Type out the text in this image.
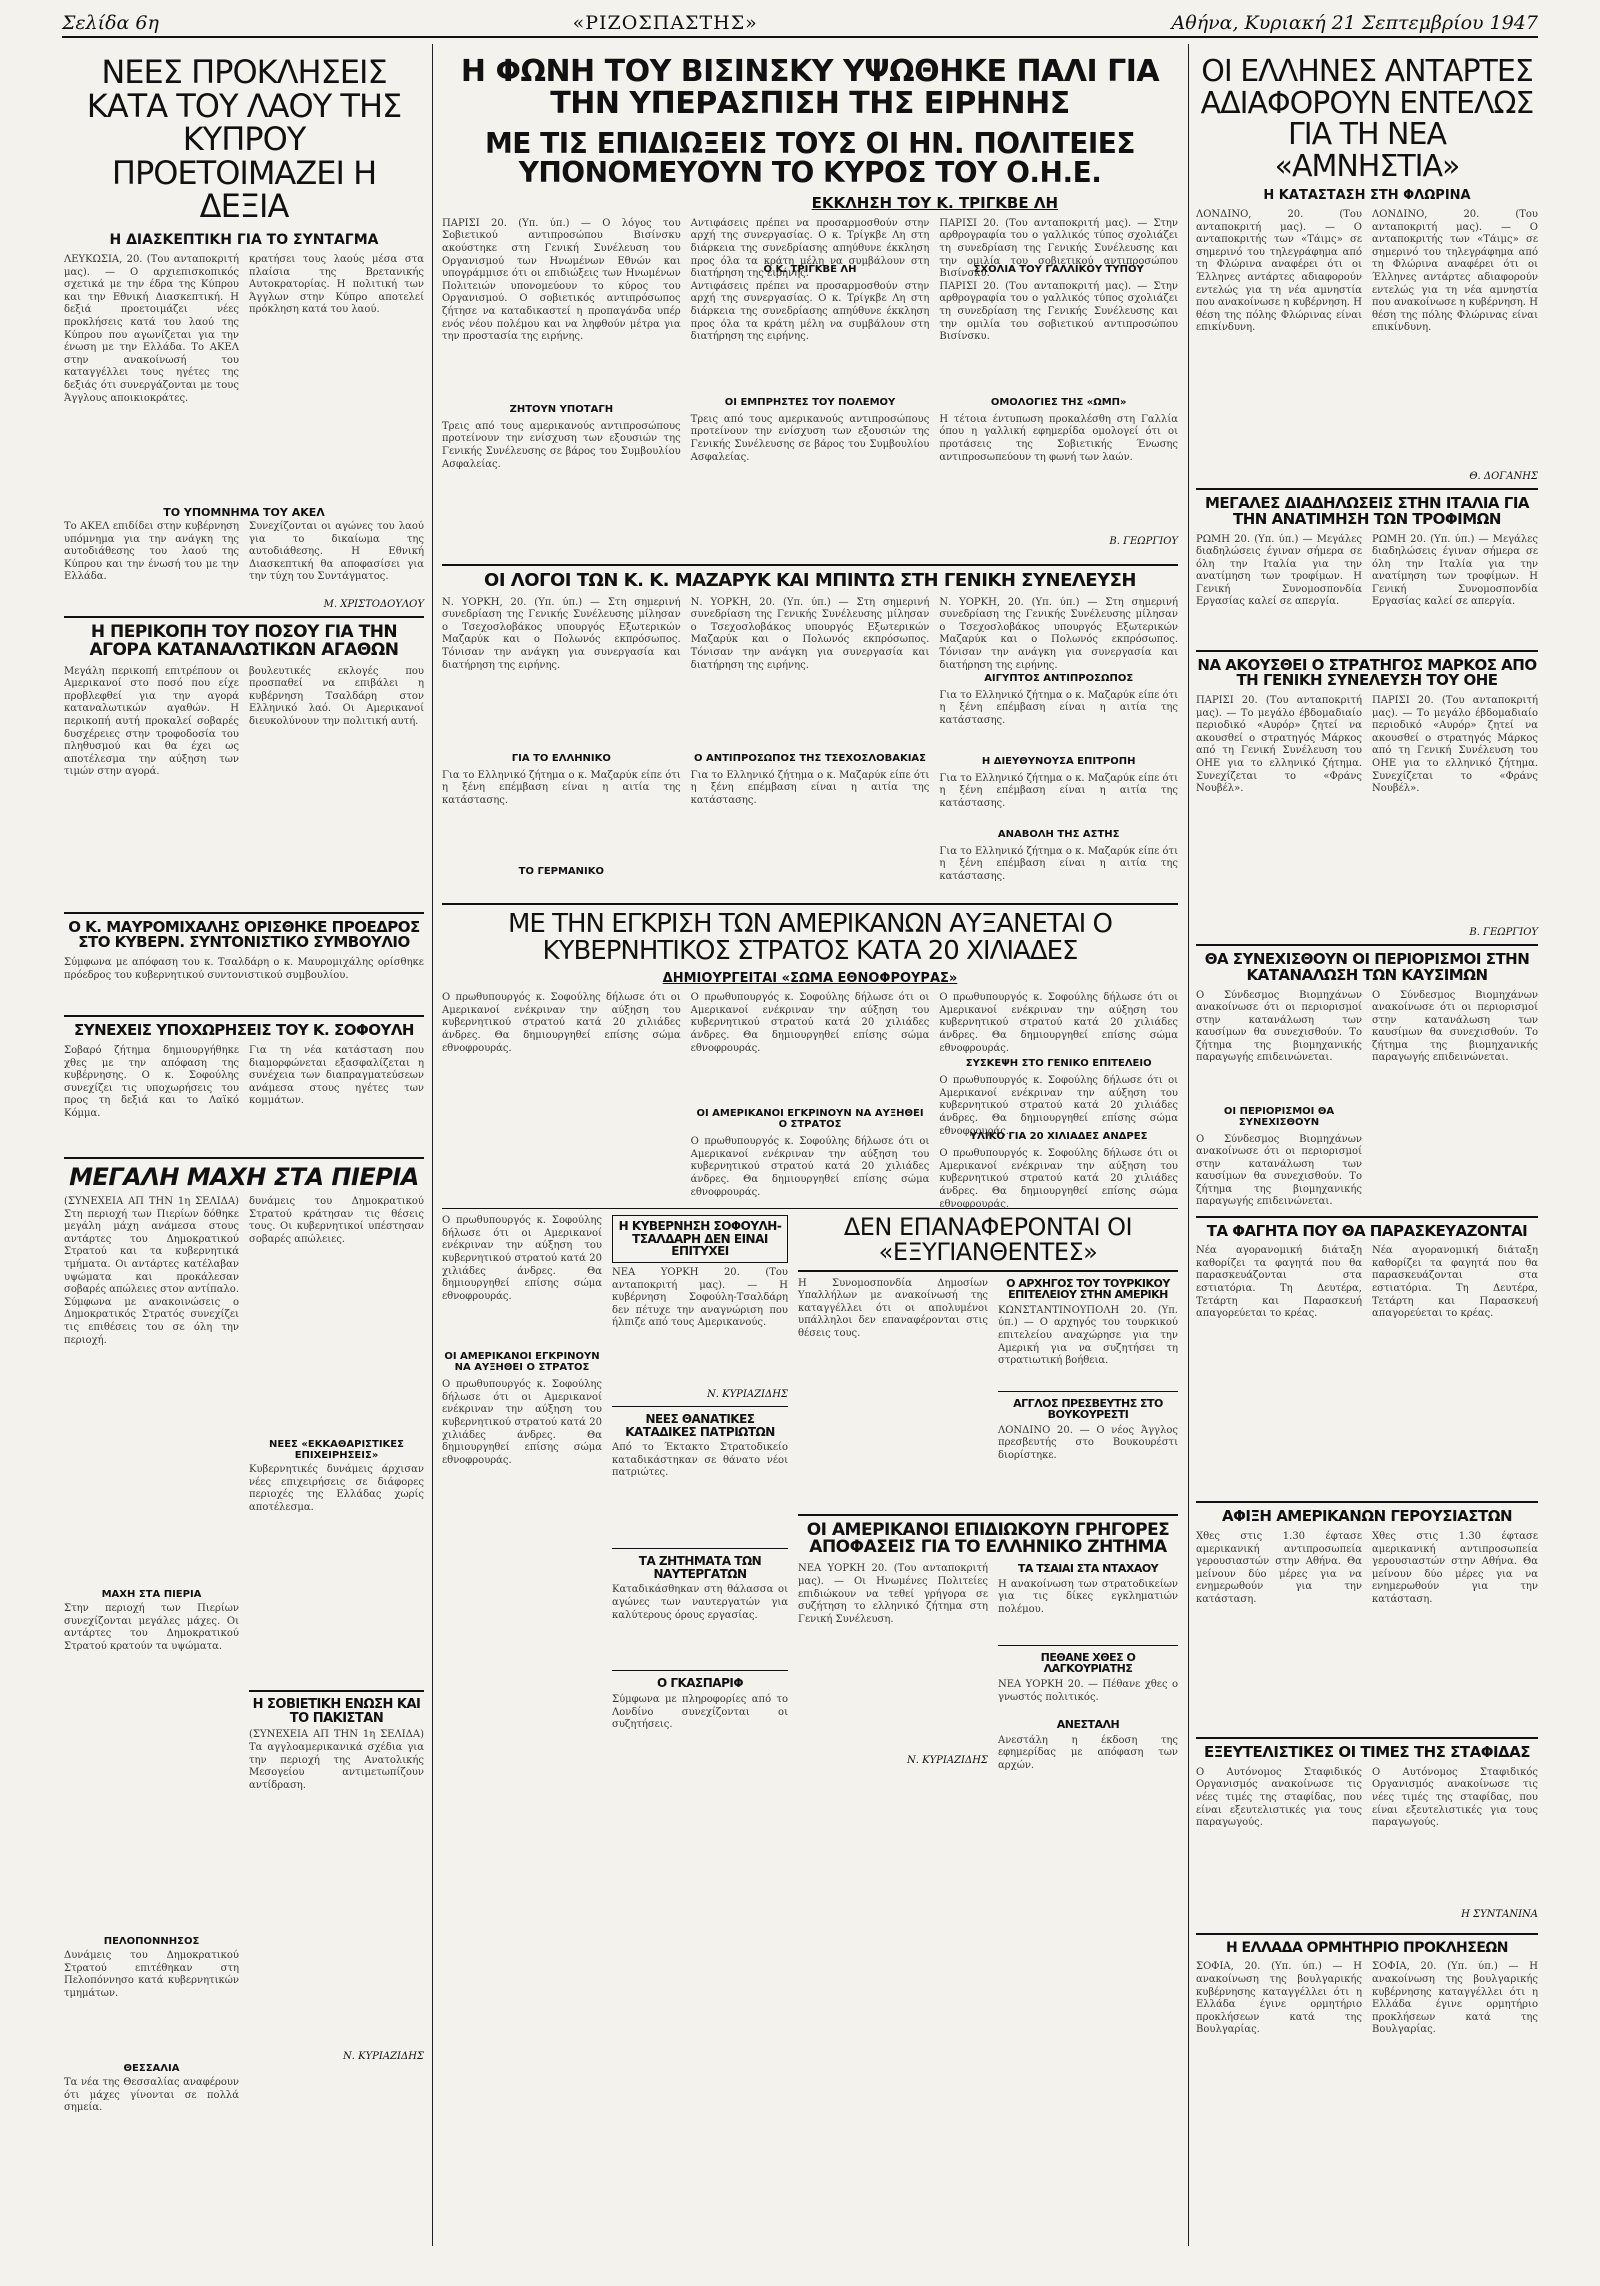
Σελίδα 6η	«ΡΙΖΟΣΠΑΣΤΗΣ»	Αθήνα, Κυριακή 21 Σεπτεμβρίου 1947
ΝΕΕΣ ΠΡΟΚΛΗΣΕΙΣ ΚΑΤΑ ΤΟΥ ΛΑΟΥ ΤΗΣ ΚΥΠΡΟΥ ΠΡΟΕΤΟΙΜΑΖΕΙ Η ΔΕΞΙΑ
Η ΔΙΑΣΚΕΠΤΙΚΗ ΓΙΑ ΤΟ ΣΥΝΤΑΓΜΑ

ΛΕΥΚΩΣΙΑ, 20. (Του ανταποκριτή μας). — Ο αρχιεπισκοπικός σχετικά με την έδρα της Κύπρου και την Εθνική Διασκεπτική. Η δεξιά προετοιμάζει νέες προκλήσεις κατά του λαού της Κύπρου που αγωνίζεται για την ένωση με την Ελλάδα. Το ΑΚΕΛ στην ανακοίνωσή του καταγγέλλει τους ηγέτες της δεξιάς ότι συνεργάζονται με τους Άγγλους αποικιοκράτες.

κρατήσει τους λαούς μέσα στα πλαίσια της Βρετανικής Αυτοκρατορίας. Η πολιτική των Άγγλων στην Κύπρο αποτελεί πρόκληση κατά του λαού.

ΤΟ ΥΠΟΜΝΗΜΑ ΤΟΥ ΑΚΕΛ

Το ΑΚΕΛ επιδίδει στην κυβέρνηση υπόμνημα για την ανάγκη της αυτοδιάθεσης του λαού της Κύπρου και την ένωσή του με την Ελλάδα.

Συνεχίζονται οι αγώνες του λαού για το δικαίωμα της αυτοδιάθεσης. Η Εθνική Διασκεπτική θα αποφασίσει για την τύχη του Συντάγματος.

Μ. ΧΡΙΣΤΟΔΟΥΛΟΥ
Η ΠΕΡΙΚΟΠΗ ΤΟΥ ΠΟΣΟΥ ΓΙΑ ΤΗΝ ΑΓΟΡΑ ΚΑΤΑΝΑΛΩΤΙΚΩΝ ΑΓΑΘΩΝ

Μεγάλη περικοπή επιτρέπουν οι Αμερικανοί στο ποσό που είχε προβλεφθεί για την αγορά καταναλωτικών αγαθών. Η περικοπή αυτή προκαλεί σοβαρές δυσχέρειες στην τροφοδοσία του πληθυσμού και θα έχει ως αποτέλεσμα την αύξηση των τιμών στην αγορά.

βουλευτικές εκλογές που προσπαθεί να επιβάλει η κυβέρνηση Τσαλδάρη στον Ελληνικό λαό. Οι Αμερικανοί διευκολύνουν την πολιτική αυτή.

Ο Κ. ΜΑΥΡΟΜΙΧΑΛΗΣ ΟΡΙΣΘΗΚΕ ΠΡΟΕΔΡΟΣ ΣΤΟ ΚΥΒΕΡΝ. ΣΥΝΤΟΝΙΣΤΙΚΟ ΣΥΜΒΟΥΛΙΟ

Σύμφωνα με απόφαση του κ. Τσαλδάρη ο κ. Μαυρομιχάλης ορίσθηκε πρόεδρος του κυβερνητικού συντονιστικού συμβουλίου.

ΣΥΝΕΧΕΙΣ ΥΠΟΧΩΡΗΣΕΙΣ ΤΟΥ Κ. ΣΟΦΟΥΛΗ

Σοβαρό ζήτημα δημιουργήθηκε χθες με την απόφαση της κυβέρνησης. Ο κ. Σοφούλης συνεχίζει τις υποχωρήσεις του προς τη δεξιά και το Λαϊκό Κόμμα.

Για τη νέα κατάσταση που διαμορφώνεται εξασφαλίζεται η συνέχεια των διαπραγματεύσεων ανάμεσα στους ηγέτες των κομμάτων.

ΜΕΓΑΛΗ ΜΑΧΗ ΣΤΑ ΠΙΕΡΙΑ

(ΣΥΝΕΧΕΙΑ ΑΠ ΤΗΝ 1η ΣΕΛΙΔΑ) Στη περιοχή των Πιερίων δόθηκε μεγάλη μάχη ανάμεσα στους αντάρτες του Δημοκρατικού Στρατού και τα κυβερνητικά τμήματα. Οι αντάρτες κατέλαβαν υψώματα και προκάλεσαν σοβαρές απώλειες στον αντίπαλο. Σύμφωνα με ανακοινώσεις ο Δημοκρατικός Στρατός συνεχίζει τις επιθέσεις του σε όλη την περιοχή.

ΜΑΧΗ ΣΤΑ ΠΙΕΡΙΑ

Στην περιοχή των Πιερίων συνεχίζονται μεγάλες μάχες. Οι αντάρτες του Δημοκρατικού Στρατού κρατούν τα υψώματα.

ΠΕΛΟΠΟΝΝΗΣΟΣ

Δυνάμεις του Δημοκρατικού Στρατού επιτέθηκαν στη Πελοπόννησο κατά κυβερνητικών τμημάτων.

ΘΕΣΣΑΛΙΑ

Τα νέα της Θεσσαλίας αναφέρουν ότι μάχες γίνονται σε πολλά σημεία.

δυνάμεις του Δημοκρατικού Στρατού κράτησαν τις θέσεις τους. Οι κυβερνητικοί υπέστησαν σοβαρές απώλειες.

ΝΕΕΣ «ΕΚΚΑΘΑΡΙΣΤΙΚΕΣ ΕΠΙΧΕΙΡΗΣΕΙΣ»

Κυβερνητικές δυνάμεις άρχισαν νέες επιχειρήσεις σε διάφορες περιοχές της Ελλάδας χωρίς αποτέλεσμα.

Η ΣΟΒΙΕΤΙΚΗ ΕΝΩΣΗ ΚΑΙ ΤΟ ΠΑΚΙΣΤΑΝ

(ΣΥΝΕΧΕΙΑ ΑΠ ΤΗΝ 1η ΣΕΛΙΔΑ) Τα αγγλοαμερικανικά σχέδια για την περιοχή της Ανατολικής Μεσογείου αντιμετωπίζουν αντίδραση.

Ν. ΚΥΡΙΑΖΙΔΗΣ
Η ΦΩΝΗ ΤΟΥ ΒΙΣΙΝΣΚΥ ΥΨΩΘΗΚΕ ΠΑΛΙ ΓΙΑ ΤΗΝ ΥΠΕΡΑΣΠΙΣΗ ΤΗΣ ΕΙΡΗΝΗΣ
ΜΕ ΤΙΣ ΕΠΙΔΙΩΞΕΙΣ ΤΟΥΣ ΟΙ ΗΝ. ΠΟΛΙΤΕΙΕΣ ΥΠΟΝΟΜΕΥΟΥΝ ΤΟ ΚΥΡΟΣ ΤΟΥ Ο.Η.Ε.
ΕΚΚΛΗΣΗ ΤΟΥ Κ. ΤΡΙΓΚΒΕ ΛΗ

ΠΑΡΙΣΙ 20. (Υπ. ύπ.) — Ο λόγος του Σοβιετικού αντιπροσώπου Βισίνσκυ ακούστηκε στη Γενική Συνέλευση του Οργανισμού των Ηνωμένων Εθνών και υπογράμμισε ότι οι επιδιώξεις των Ηνωμένων Πολιτειών υπονομεύουν το κύρος του Οργανισμού. Ο σοβιετικός αντιπρόσωπος ζήτησε να καταδικαστεί η προπαγάνδα υπέρ ενός νέου πολέμου και να ληφθούν μέτρα για την προστασία της ειρήνης.

ΖΗΤΟΥΝ ΥΠΟΤΑΓΗ

Τρεις από τους αμερικανούς αντιπροσώπους προτείνουν την ενίσχυση των εξουσιών της Γενικής Συνέλευσης σε βάρος του Συμβουλίου Ασφαλείας.

Αντιφάσεις πρέπει να προσαρμοσθούν στην αρχή της συνεργασίας. Ο κ. Τρίγκβε Λη στη διάρκεια της συνεδρίασης απηύθυνε έκκληση προς όλα τα κράτη μέλη να συμβάλουν στη διατήρηση της ειρήνης.

Ο Κ. ΤΡΙΓΚΒΕ ΛΗ

Αντιφάσεις πρέπει να προσαρμοσθούν στην αρχή της συνεργασίας. Ο κ. Τρίγκβε Λη στη διάρκεια της συνεδρίασης απηύθυνε έκκληση προς όλα τα κράτη μέλη να συμβάλουν στη διατήρηση της ειρήνης.

ΟΙ ΕΜΠΡΗΣΤΕΣ ΤΟΥ ΠΟΛΕΜΟΥ

Τρεις από τους αμερικανούς αντιπροσώπους προτείνουν την ενίσχυση των εξουσιών της Γενικής Συνέλευσης σε βάρος του Συμβουλίου Ασφαλείας.

ΠΑΡΙΣΙ 20. (Του ανταποκριτή μας). — Στην αρθρογραφία του ο γαλλικός τύπος σχολιάζει τη συνεδρίαση της Γενικής Συνέλευσης και την ομιλία του σοβιετικού αντιπροσώπου Βισίνσκυ.

ΣΧΟΛΙΑ ΤΟΥ ΓΑΛΛΙΚΟΥ ΤΥΠΟΥ

ΠΑΡΙΣΙ 20. (Του ανταποκριτή μας). — Στην αρθρογραφία του ο γαλλικός τύπος σχολιάζει τη συνεδρίαση της Γενικής Συνέλευσης και την ομιλία του σοβιετικού αντιπροσώπου Βισίνσκυ.

ΟΜΟΛΟΓΙΕΣ ΤΗΣ «ΩΜΠ»

Η τέτοια έντυπωση προκαλέσθη στη Γαλλία όπου η γαλλική εφημερίδα ομολογεί ότι οι προτάσεις της Σοβιετικής Ένωσης αντιπροσωπεύουν τη φωνή των λαών.

Β. ΓΕΩΡΓΙΟΥ
ΟΙ ΛΟΓΟΙ ΤΩΝ Κ. Κ. ΜΑΖΑΡΥΚ ΚΑΙ ΜΠΙΝΤΩ ΣΤΗ ΓΕΝΙΚΗ ΣΥΝΕΛΕΥΣΗ

Ν. ΥΟΡΚΗ, 20. (Υπ. ύπ.) — Στη σημερινή συνεδρίαση της Γενικής Συνέλευσης μίλησαν ο Τσεχοσλοβάκος υπουργός Εξωτερικών Μαζαρύκ και ο Πολωνός εκπρόσωπος. Τόνισαν την ανάγκη για συνεργασία και διατήρηση της ειρήνης.

ΓΙΑ ΤΟ ΕΛΛΗΝΙΚΟ

Για το Ελληνικό ζήτημα ο κ. Μαζαρύκ είπε ότι η ξένη επέμβαση είναι η αιτία της κατάστασης.

ΤΟ ΓΕΡΜΑΝΙΚΟ

Ν. ΥΟΡΚΗ, 20. (Υπ. ύπ.) — Στη σημερινή συνεδρίαση της Γενικής Συνέλευσης μίλησαν ο Τσεχοσλοβάκος υπουργός Εξωτερικών Μαζαρύκ και ο Πολωνός εκπρόσωπος. Τόνισαν την ανάγκη για συνεργασία και διατήρηση της ειρήνης.

Ο ΑΝΤΙΠΡΟΣΩΠΟΣ ΤΗΣ ΤΣΕΧΟΣΛΟΒΑΚΙΑΣ

Για το Ελληνικό ζήτημα ο κ. Μαζαρύκ είπε ότι η ξένη επέμβαση είναι η αιτία της κατάστασης.

Ν. ΥΟΡΚΗ, 20. (Υπ. ύπ.) — Στη σημερινή συνεδρίαση της Γενικής Συνέλευσης μίλησαν ο Τσεχοσλοβάκος υπουργός Εξωτερικών Μαζαρύκ και ο Πολωνός εκπρόσωπος. Τόνισαν την ανάγκη για συνεργασία και διατήρηση της ειρήνης.

ΑΙΓΥΠΤΟΣ ΑΝΤΙΠΡΟΣΩΠΟΣ

Για το Ελληνικό ζήτημα ο κ. Μαζαρύκ είπε ότι η ξένη επέμβαση είναι η αιτία της κατάστασης.

Η ΔΙΕΥΘΥΝΟΥΣΑ ΕΠΙΤΡΟΠΗ

Για το Ελληνικό ζήτημα ο κ. Μαζαρύκ είπε ότι η ξένη επέμβαση είναι η αιτία της κατάστασης.

ΑΝΑΒΟΛΗ ΤΗΣ ΑΣΤΗΣ

Για το Ελληνικό ζήτημα ο κ. Μαζαρύκ είπε ότι η ξένη επέμβαση είναι η αιτία της κατάστασης.

ΜΕ ΤΗΝ ΕΓΚΡΙΣΗ ΤΩΝ ΑΜΕΡΙΚΑΝΩΝ ΑΥΞΑΝΕΤΑΙ Ο ΚΥΒΕΡΝΗΤΙΚΟΣ ΣΤΡΑΤΟΣ ΚΑΤΑ 20 ΧΙΛΙΑΔΕΣ
ΔΗΜΙΟΥΡΓΕΙΤΑΙ «ΣΩΜΑ ΕΘΝΟΦΡΟΥΡΑΣ»

Ο πρωθυπουργός κ. Σοφούλης δήλωσε ότι οι Αμερικανοί ενέκριναν την αύξηση του κυβερνητικού στρατού κατά 20 χιλιάδες άνδρες. Θα δημιουργηθεί επίσης σώμα εθνοφρουράς.

Ο πρωθυπουργός κ. Σοφούλης δήλωσε ότι οι Αμερικανοί ενέκριναν την αύξηση του κυβερνητικού στρατού κατά 20 χιλιάδες άνδρες. Θα δημιουργηθεί επίσης σώμα εθνοφρουράς.

ΟΙ ΑΜΕΡΙΚΑΝΟΙ ΕΓΚΡΙΝΟΥΝ ΝΑ ΑΥΞΗΘΕΙ Ο ΣΤΡΑΤΟΣ

Ο πρωθυπουργός κ. Σοφούλης δήλωσε ότι οι Αμερικανοί ενέκριναν την αύξηση του κυβερνητικού στρατού κατά 20 χιλιάδες άνδρες. Θα δημιουργηθεί επίσης σώμα εθνοφρουράς.

Ο πρωθυπουργός κ. Σοφούλης δήλωσε ότι οι Αμερικανοί ενέκριναν την αύξηση του κυβερνητικού στρατού κατά 20 χιλιάδες άνδρες. Θα δημιουργηθεί επίσης σώμα εθνοφρουράς.

ΣΥΣΚΕΨΗ ΣΤΟ ΓΕΝΙΚΟ ΕΠΙΤΕΛΕΙΟ

Ο πρωθυπουργός κ. Σοφούλης δήλωσε ότι οι Αμερικανοί ενέκριναν την αύξηση του κυβερνητικού στρατού κατά 20 χιλιάδες άνδρες. Θα δημιουργηθεί επίσης σώμα εθνοφρουράς.

ΥΛΙΚΟ ΓΙΑ 20 ΧΙΛΙΑΔΕΣ ΑΝΔΡΕΣ

Ο πρωθυπουργός κ. Σοφούλης δήλωσε ότι οι Αμερικανοί ενέκριναν την αύξηση του κυβερνητικού στρατού κατά 20 χιλιάδες άνδρες. Θα δημιουργηθεί επίσης σώμα εθνοφρουράς.

Ο πρωθυπουργός κ. Σοφούλης δήλωσε ότι οι Αμερικανοί ενέκριναν την αύξηση του κυβερνητικού στρατού κατά 20 χιλιάδες άνδρες. Θα δημιουργηθεί επίσης σώμα εθνοφρουράς.

ΟΙ ΑΜΕΡΙΚΑΝΟΙ ΕΓΚΡΙΝΟΥΝ ΝΑ ΑΥΞΗΘΕΙ Ο ΣΤΡΑΤΟΣ

Ο πρωθυπουργός κ. Σοφούλης δήλωσε ότι οι Αμερικανοί ενέκριναν την αύξηση του κυβερνητικού στρατού κατά 20 χιλιάδες άνδρες. Θα δημιουργηθεί επίσης σώμα εθνοφρουράς.

Η ΚΥΒΕΡΝΗΣΗ ΣΟΦΟΥΛΗ-ΤΣΑΛΔΑΡΗ ΔΕΝ ΕΙΝΑΙ ΕΠΙΤΥΧΕΙ

ΝΕΑ ΥΟΡΚΗ 20. (Του ανταποκριτή μας). — Η κυβέρνηση Σοφούλη-Τσαλδάρη δεν πέτυχε την αναγνώριση που ήλπιζε από τους Αμερικανούς.

Ν. ΚΥΡΙΑΖΙΔΗΣ
ΝΕΕΣ ΘΑΝΑΤΙΚΕΣ ΚΑΤΑΔΙΚΕΣ ΠΑΤΡΙΩΤΩΝ

Από το Έκτακτο Στρατοδικείο καταδικάστηκαν σε θάνατο νέοι πατριώτες.

ΤΑ ΖΗΤΗΜΑΤΑ ΤΩΝ ΝΑΥΤΕΡΓΑΤΩΝ

Καταδικάσθηκαν στη θάλασσα οι αγώνες των ναυτεργατών για καλύτερους όρους εργασίας.

Ο ΓΚΑΣΠΑΡΙΦ

Σύμφωνα με πληροφορίες από το Λονδίνο συνεχίζονται οι συζητήσεις.

ΔΕΝ ΕΠΑΝΑΦΕΡΟΝΤΑΙ ΟΙ «ΕΞΥΓΙΑΝΘΕΝΤΕΣ»

Η Συνομοσπονδία Δημοσίων Υπαλλήλων με ανακοίνωσή της καταγγέλλει ότι οι απολυμένοι υπάλληλοι δεν επαναφέρονται στις θέσεις τους.

Ο ΑΡΧΗΓΟΣ ΤΟΥ ΤΟΥΡΚΙΚΟΥ ΕΠΙΤΕΛΕΙΟΥ ΣΤΗΝ ΑΜΕΡΙΚΗ

ΚΩΝΣΤΑΝΤΙΝΟΥΠΟΛΗ 20. (Υπ. ύπ.) — Ο αρχηγός του τουρκικού επιτελείου αναχώρησε για την Αμερική για να συζητήσει τη στρατιωτική βοήθεια.

ΑΓΓΛΟΣ ΠΡΕΣΒΕΥΤΗΣ ΣΤΟ ΒΟΥΚΟΥΡΕΣΤΙ

ΛΟΝΔΙΝΟ 20. — Ο νέος Άγγλος πρεσβευτής στο Βουκουρέστι διορίστηκε.

ΟΙ ΑΜΕΡΙΚΑΝΟΙ ΕΠΙΔΙΩΚΟΥΝ ΓΡΗΓΟΡΕΣ ΑΠΟΦΑΣΕΙΣ ΓΙΑ ΤΟ ΕΛΛΗΝΙΚΟ ΖΗΤΗΜΑ

ΝΕΑ ΥΟΡΚΗ 20. (Του ανταποκριτή μας). — Οι Ηνωμένες Πολιτείες επιδιώκουν να τεθεί γρήγορα σε συζήτηση το ελληνικό ζήτημα στη Γενική Συνέλευση.

Ν. ΚΥΡΙΑΖΙΔΗΣ
ΤΑ ΤΣΑΙΑΙ ΣΤΑ ΝΤΑΧΑΟΥ

Η ανακοίνωση των στρατοδικείων για τις δίκες εγκληματιών πολέμου.

ΠΕΘΑΝΕ ΧΘΕΣ Ο ΛΑΓΚΟΥΡΙΑΤΗΣ

ΝΕΑ ΥΟΡΚΗ 20. — Πέθανε χθες ο γνωστός πολιτικός.

ΑΝΕΣΤΑΛΗ

Ανεστάλη η έκδοση της εφημερίδας με απόφαση των αρχών.

ΟΙ ΕΛΛΗΝΕΣ ΑΝΤΑΡΤΕΣ ΑΔΙΑΦΟΡΟΥΝ ΕΝΤΕΛΩΣ ΓΙΑ ΤΗ ΝΕΑ «ΑΜΝΗΣΤΙΑ»
Η ΚΑΤΑΣΤΑΣΗ ΣΤΗ ΦΛΩΡΙΝΑ

ΛΟΝΔΙΝΟ, 20. (Του ανταποκριτή μας). — Ο ανταποκριτής των «Τάιμς» σε σημερινό του τηλεγράφημα από τη Φλώρινα αναφέρει ότι οι Έλληνες αντάρτες αδιαφορούν εντελώς για τη νέα αμνηστία που ανακοίνωσε η κυβέρνηση. Η θέση της πόλης Φλώρινας είναι επικίνδυνη.

ΛΟΝΔΙΝΟ, 20. (Του ανταποκριτή μας). — Ο ανταποκριτής των «Τάιμς» σε σημερινό του τηλεγράφημα από τη Φλώρινα αναφέρει ότι οι Έλληνες αντάρτες αδιαφορούν εντελώς για τη νέα αμνηστία που ανακοίνωσε η κυβέρνηση. Η θέση της πόλης Φλώρινας είναι επικίνδυνη.

Θ. ΔΟΓΑΝΗΣ
ΜΕΓΑΛΕΣ ΔΙΑΔΗΛΩΣΕΙΣ ΣΤΗΝ ΙΤΑΛΙΑ ΓΙΑ ΤΗΝ ΑΝΑΤΙΜΗΣΗ ΤΩΝ ΤΡΟΦΙΜΩΝ

ΡΩΜΗ 20. (Υπ. ύπ.) — Μεγάλες διαδηλώσεις έγιναν σήμερα σε όλη την Ιταλία για την ανατίμηση των τροφίμων. Η Γενική Συνομοσπονδία Εργασίας καλεί σε απεργία.

ΡΩΜΗ 20. (Υπ. ύπ.) — Μεγάλες διαδηλώσεις έγιναν σήμερα σε όλη την Ιταλία για την ανατίμηση των τροφίμων. Η Γενική Συνομοσπονδία Εργασίας καλεί σε απεργία.

ΝΑ ΑΚΟΥΣΘΕΙ Ο ΣΤΡΑΤΗΓΟΣ ΜΑΡΚΟΣ ΑΠΟ ΤΗ ΓΕΝΙΚΗ ΣΥΝΕΛΕΥΣΗ ΤΟΥ ΟΗΕ

ΠΑΡΙΣΙ 20. (Του ανταποκριτή μας). — Το μεγάλο έβδομαδιαίο περιοδικό «Αυρόρ» ζητεί να ακουσθεί ο στρατηγός Μάρκος από τη Γενική Συνέλευση του ΟΗΕ για το ελληνικό ζήτημα. Συνεχίζεται το «Φράνς Νουβέλ».

ΠΑΡΙΣΙ 20. (Του ανταποκριτή μας). — Το μεγάλο έβδομαδιαίο περιοδικό «Αυρόρ» ζητεί να ακουσθεί ο στρατηγός Μάρκος από τη Γενική Συνέλευση του ΟΗΕ για το ελληνικό ζήτημα. Συνεχίζεται το «Φράνς Νουβέλ».

Β. ΓΕΩΡΓΙΟΥ
ΘΑ ΣΥΝΕΧΙΣΘΟΥΝ ΟΙ ΠΕΡΙΟΡΙΣΜΟΙ ΣΤΗΝ ΚΑΤΑΝΑΛΩΣΗ ΤΩΝ ΚΑΥΣΙΜΩΝ

Ο Σύνδεσμος Βιομηχάνων ανακοίνωσε ότι οι περιορισμοί στην κατανάλωση των καυσίμων θα συνεχισθούν. Το ζήτημα της βιομηχανικής παραγωγής επιδεινώνεται.

ΟΙ ΠΕΡΙΟΡΙΣΜΟΙ ΘΑ ΣΥΝΕΧΙΣΘΟΥΝ

Ο Σύνδεσμος Βιομηχάνων ανακοίνωσε ότι οι περιορισμοί στην κατανάλωση των καυσίμων θα συνεχισθούν. Το ζήτημα της βιομηχανικής παραγωγής επιδεινώνεται.

Ο Σύνδεσμος Βιομηχάνων ανακοίνωσε ότι οι περιορισμοί στην κατανάλωση των καυσίμων θα συνεχισθούν. Το ζήτημα της βιομηχανικής παραγωγής επιδεινώνεται.

ΤΑ ΦΑΓΗΤΑ ΠΟΥ ΘΑ ΠΑΡΑΣΚΕΥΑΖΟΝΤΑΙ

Νέα αγορανομική διάταξη καθορίζει τα φαγητά που θα παρασκευάζονται στα εστιατόρια. Τη Δευτέρα, Τετάρτη και Παρασκευή απαγορεύεται το κρέας.

Νέα αγορανομική διάταξη καθορίζει τα φαγητά που θα παρασκευάζονται στα εστιατόρια. Τη Δευτέρα, Τετάρτη και Παρασκευή απαγορεύεται το κρέας.

ΑΦΙΞΗ ΑΜΕΡΙΚΑΝΩΝ ΓΕΡΟΥΣΙΑΣΤΩΝ

Χθες στις 1.30 έφτασε αμερικανική αντιπροσωπεία γερουσιαστών στην Αθήνα. Θα μείνουν δύο μέρες για να ενημερωθούν για την κατάσταση.

Χθες στις 1.30 έφτασε αμερικανική αντιπροσωπεία γερουσιαστών στην Αθήνα. Θα μείνουν δύο μέρες για να ενημερωθούν για την κατάσταση.

ΕΞΕΥΤΕΛΙΣΤΙΚΕΣ ΟΙ ΤΙΜΕΣ ΤΗΣ ΣΤΑΦΙΔΑΣ

Ο Αυτόνομος Σταφιδικός Οργανισμός ανακοίνωσε τις νέες τιμές της σταφίδας, που είναι εξευτελιστικές για τους παραγωγούς.

Ο Αυτόνομος Σταφιδικός Οργανισμός ανακοίνωσε τις νέες τιμές της σταφίδας, που είναι εξευτελιστικές για τους παραγωγούς.

Η ΣΥΝΤΑΝΙΝΑ
Η ΕΛΛΑΔΑ ΟΡΜΗΤΗΡΙΟ ΠΡΟΚΛΗΣΕΩΝ

ΣΟΦΙΑ, 20. (Υπ. ύπ.) — Η ανακοίνωση της βουλγαρικής κυβέρνησης καταγγέλλει ότι η Ελλάδα έγινε ορμητήριο προκλήσεων κατά της Βουλγαρίας.

ΣΟΦΙΑ, 20. (Υπ. ύπ.) — Η ανακοίνωση της βουλγαρικής κυβέρνησης καταγγέλλει ότι η Ελλάδα έγινε ορμητήριο προκλήσεων κατά της Βουλγαρίας.
